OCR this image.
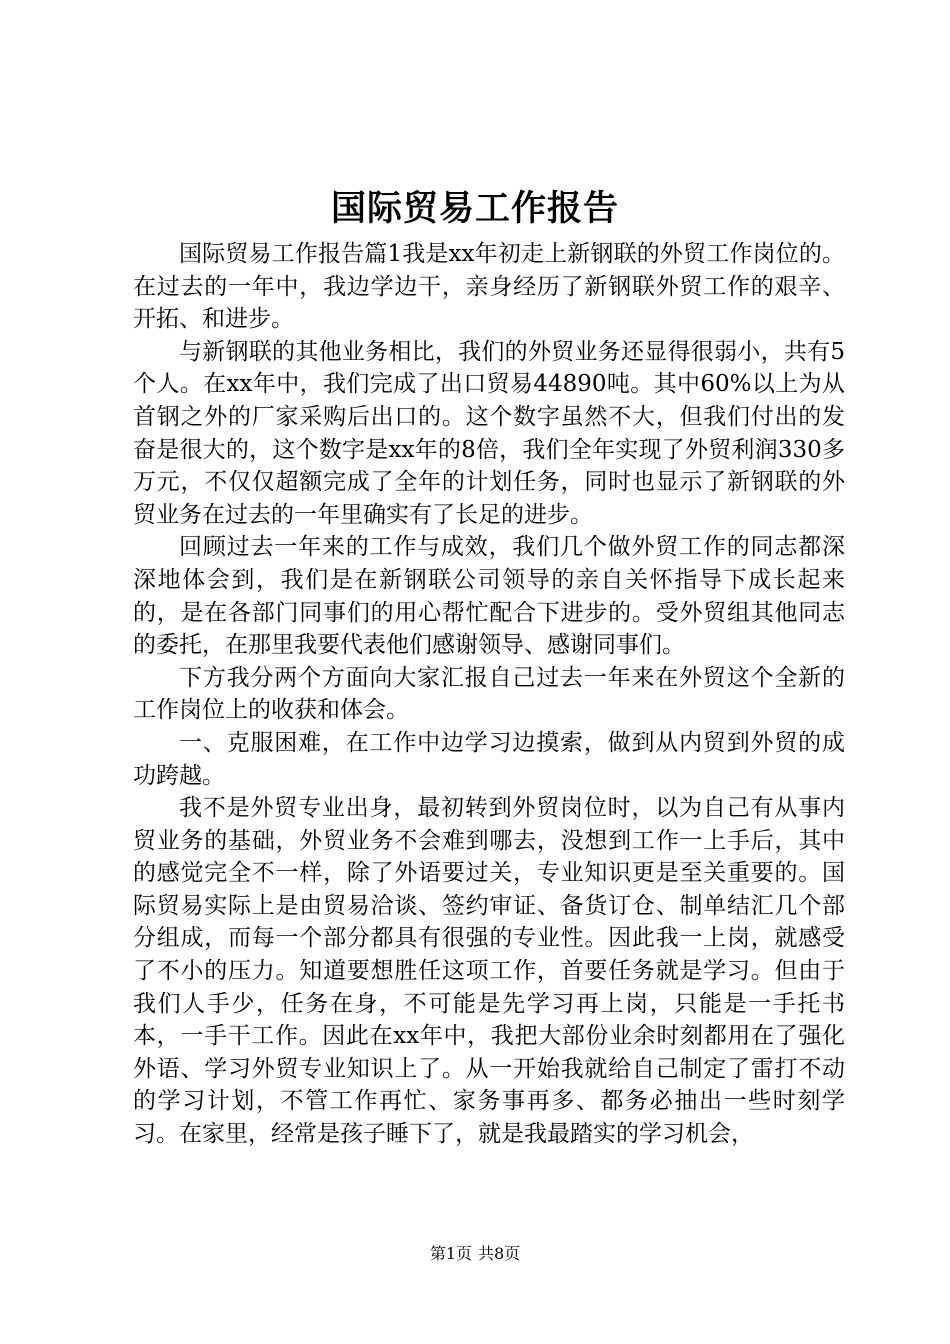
国际贸易工作报告

国际贸易工作报告篇1我是xx年初走上新钢联的外贸工作岗位的。在过去的一年中，我边学边干，亲身经历了新钢联外贸工作的艰辛、开拓、和进步。

与新钢联的其他业务相比，我们的外贸业务还显得很弱小，共有5个人。在xx年中，我们完成了出口贸易44890吨。其中60%以上为从首钢之外的厂家采购后出口的。这个数字虽然不大，但我们付出的发奋是很大的，这个数字是xx年的8倍，我们全年实现了外贸利润330多万元，不仅仅超额完成了全年的计划任务，同时也显示了新钢联的外贸业务在过去的一年里确实有了长足的进步。

回顾过去一年来的工作与成效，我们几个做外贸工作的同志都深深地体会到，我们是在新钢联公司领导的亲自关怀指导下成长起来的，是在各部门同事们的用心帮忙配合下进步的。受外贸组其他同志的委托，在那里我要代表他们感谢领导、感谢同事们。

下方我分两个方面向大家汇报自己过去一年来在外贸这个全新的工作岗位上的收获和体会。

一、克服困难，在工作中边学习边摸索，做到从内贸到外贸的成功跨越。

我不是外贸专业出身，最初转到外贸岗位时，以为自己有从事内贸业务的基础，外贸业务不会难到哪去，没想到工作一上手后，其中的感觉完全不一样，除了外语要过关，专业知识更是至关重要的。国际贸易实际上是由贸易洽谈、签约审证、备货订仓、制单结汇几个部分组成，而每一个部分都具有很强的专业性。因此我一上岗，就感受了不小的压力。知道要想胜任这项工作，首要任务就是学习。但由于我们人手少，任务在身，不可能是先学习再上岗，只能是一手托书本，一手干工作。因此在xx年中，我把大部份业余时刻都用在了强化外语、学习外贸专业知识上了。从一开始我就给自己制定了雷打不动的学习计划，不管工作再忙、家务事再多、都务必抽出一些时刻学习。在家里，经常是孩子睡下了，就是我最踏实的学习机会，

第1页 共8页
